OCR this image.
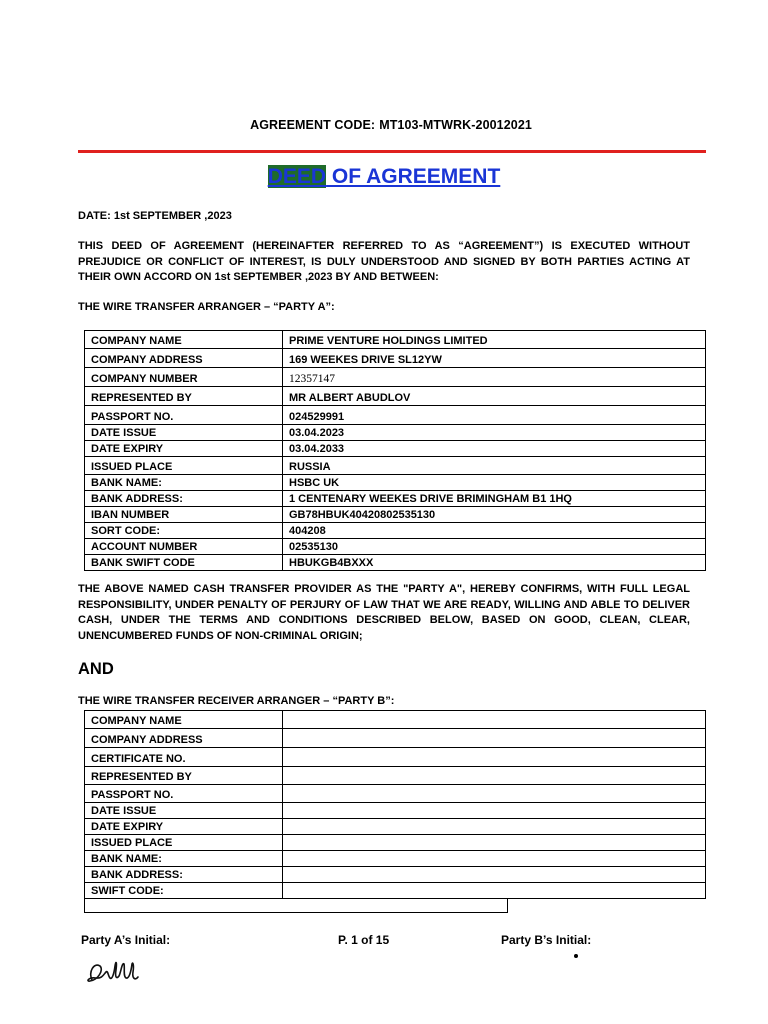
AGREEMENT CODE: MT103-MTWRK-20012021
DEED OF AGREEMENT
DATE: 1st SEPTEMBER ,2023
THIS DEED OF AGREEMENT (HEREINAFTER REFERRED TO AS “AGREEMENT”) IS EXECUTED WITHOUT PREJUDICE OR CONFLICT OF INTEREST, IS DULY UNDERSTOOD AND SIGNED BY BOTH PARTIES ACTING AT THEIR OWN ACCORD ON 1st SEPTEMBER ,2023 BY AND BETWEEN:
THE WIRE TRANSFER ARRANGER – “PARTY A”:
COMPANY NAME	PRIME VENTURE HOLDINGS LIMITED
COMPANY ADDRESS	169 WEEKES DRIVE SL12YW
COMPANY NUMBER	12357147
REPRESENTED BY	MR ALBERT ABUDLOV
PASSPORT NO.	024529991
DATE ISSUE	03.04.2023
DATE EXPIRY	03.04.2033
ISSUED PLACE	RUSSIA
BANK NAME:	HSBC UK
BANK ADDRESS:	1 CENTENARY WEEKES DRIVE BRIMINGHAM B1 1HQ
IBAN NUMBER	GB78HBUK40420802535130
SORT CODE:	404208
ACCOUNT NUMBER	02535130
BANK SWIFT CODE	HBUKGB4BXXX
THE ABOVE NAMED CASH TRANSFER PROVIDER AS THE "PARTY A", HEREBY CONFIRMS, WITH FULL LEGAL RESPONSIBILITY, UNDER PENALTY OF PERJURY OF LAW THAT WE ARE READY, WILLING AND ABLE TO DELIVER CASH, UNDER THE TERMS AND CONDITIONS DESCRIBED BELOW, BASED ON GOOD, CLEAN, CLEAR, UNENCUMBERED FUNDS OF NON-CRIMINAL ORIGIN;
AND
THE WIRE TRANSFER RECEIVER ARRANGER – “PARTY B”:
COMPANY NAME	
COMPANY ADDRESS	
CERTIFICATE NO.	
REPRESENTED BY	
PASSPORT NO.	
DATE ISSUE	
DATE EXPIRY	
ISSUED PLACE	
BANK NAME:	
BANK ADDRESS:	
SWIFT CODE:	
Party A’s Initial:	P. 1 of 15	Party B’s Initial:
